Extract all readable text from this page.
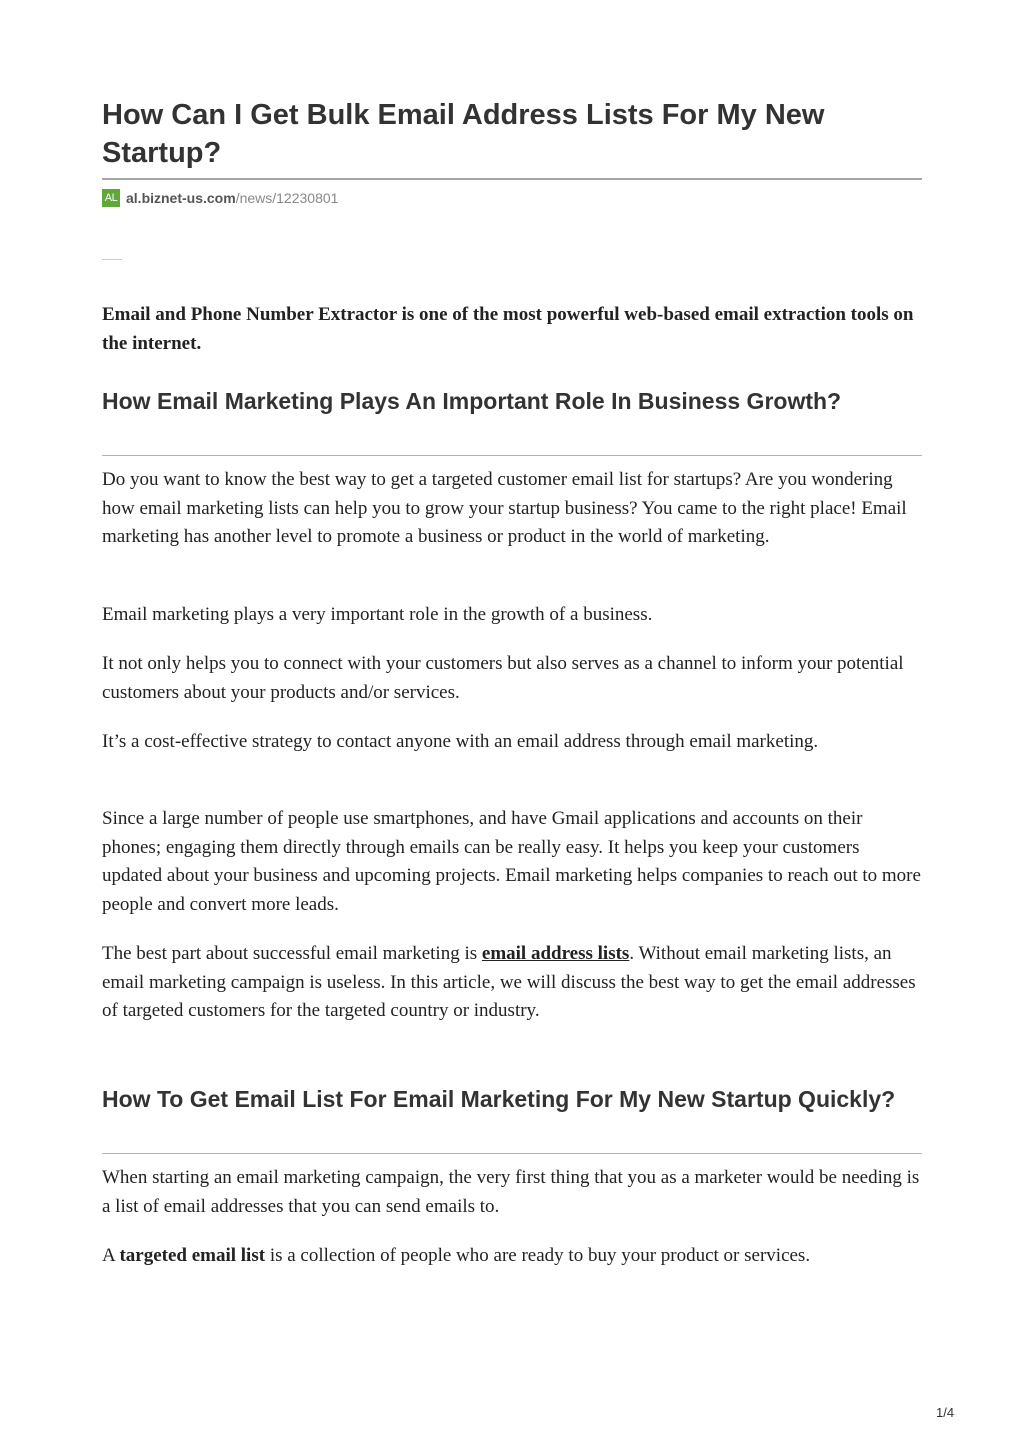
How Can I Get Bulk Email Address Lists For My New Startup?
AL al.biznet-us.com /news/12230801

Email and Phone Number Extractor is one of the most powerful web-based email extraction tools on the internet.

How Email Marketing Plays An Important Role In Business Growth?

Do you want to know the best way to get a targeted customer email list for startups? Are you wondering how email marketing lists can help you to grow your startup business? You came to the right place! Email marketing has another level to promote a business or product in the world of marketing.

Email marketing plays a very important role in the growth of a business.

It not only helps you to connect with your customers but also serves as a channel to inform your potential customers about your products and/or services.

It’s a cost-effective strategy to contact anyone with an email address through email marketing.

Since a large number of people use smartphones, and have Gmail applications and accounts on their phones; engaging them directly through emails can be really easy. It helps you keep your customers updated about your business and upcoming projects. Email marketing helps companies to reach out to more people and convert more leads.

The best part about successful email marketing is email address lists. Without email marketing lists, an email marketing campaign is useless. In this article, we will discuss the best way to get the email addresses of targeted customers for the targeted country or industry.

How To Get Email List For Email Marketing For My New Startup Quickly?

When starting an email marketing campaign, the very first thing that you as a marketer would be needing is a list of email addresses that you can send emails to.

A targeted email list is a collection of people who are ready to buy your product or services.

1/4
